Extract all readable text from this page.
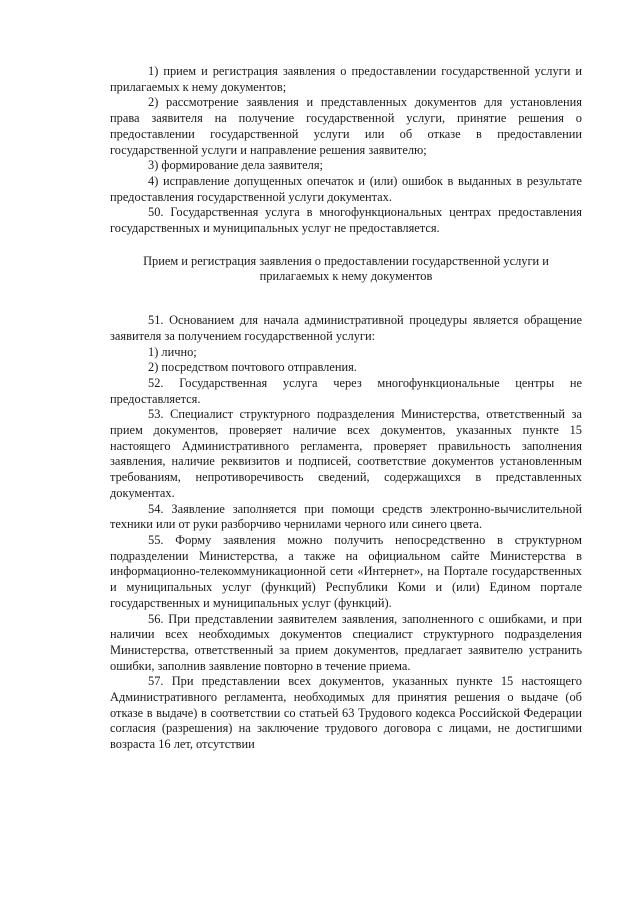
1) прием и регистрация заявления о предоставлении государственной услуги и прилагаемых к нему документов;

2) рассмотрение заявления и представленных документов для установления права заявителя на получение государственной услуги, принятие решения о предоставлении государственной услуги или об отказе в предоставлении государственной услуги и направление решения заявителю;

3) формирование дела заявителя;

4) исправление допущенных опечаток и (или) ошибок в выданных в результате предоставления государственной услуги документах.

50. Государственная услуга в многофункциональных центрах предоставления государственных и муниципальных услуг не предоставляется.

Прием и регистрация заявления о предоставлении государственной услуги и прилагаемых к нему документов

51. Основанием для начала административной процедуры является обращение заявителя за получением государственной услуги:

1) лично;

2) посредством почтового отправления.

52. Государственная услуга через многофункциональные центры не предоставляется.

53. Специалист структурного подразделения Министерства, ответственный за прием документов, проверяет наличие всех документов, указанных пункте 15 настоящего Административного регламента, проверяет правильность заполнения заявления, наличие реквизитов и подписей, соответствие документов установленным требованиям, непротиворечивость сведений, содержащихся в представленных документах.

54. Заявление заполняется при помощи средств электронно-вычислительной техники или от руки разборчиво чернилами черного или синего цвета.

55. Форму заявления можно получить непосредственно в структурном подразделении Министерства, а также на официальном сайте Министерства в информационно-телекоммуникационной сети «Интернет», на Портале государственных и муниципальных услуг (функций) Республики Коми и (или) Едином портале государственных и муниципальных услуг (функций).

56. При представлении заявителем заявления, заполненного с ошибками, и при наличии всех необходимых документов специалист структурного подразделения Министерства, ответственный за прием документов, предлагает заявителю устранить ошибки, заполнив заявление повторно в течение приема.

57. При представлении всех документов, указанных пункте 15 настоящего Административного регламента, необходимых для принятия решения о выдаче (об отказе в выдаче) в соответствии со статьей 63 Трудового кодекса Российской Федерации согласия (разрешения) на заключение трудового договора с лицами, не достигшими возраста 16 лет, отсутствии
